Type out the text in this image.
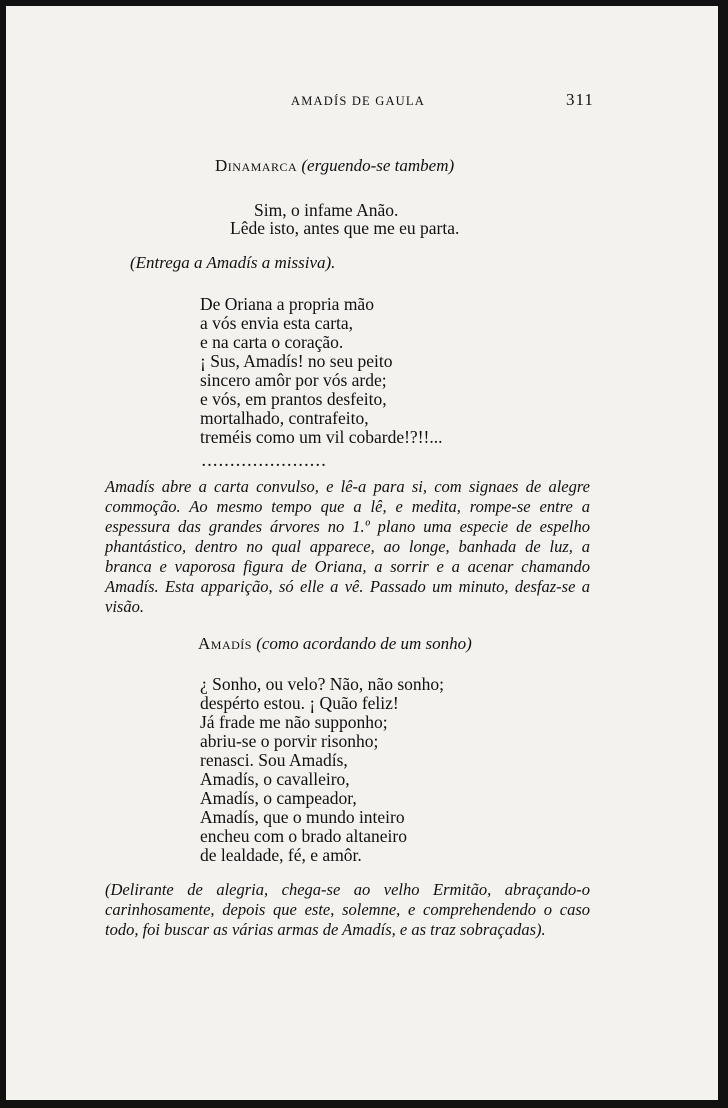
AMADÍS DE GAULA	311
Dinamarca (erguendo-se tambem)
Sim, o infame Anão.
Lêde isto, antes que me eu parta.
(Entrega a Amadís a missiva).
De Oriana a propria mão
a vós envia esta carta,
e na carta o coração.
¡ Sus, Amadís! no seu peito
sincero amôr por vós arde;
e vós, em prantos desfeito,
mortalhado, contrafeito,
treméis como um vil cobarde!?!!...
......................

Amadís abre a carta convulso, e lê-a para si, com signaes de alegre commoção. Ao mesmo tempo que a lê, e medita, rompe-se entre a espessura das grandes árvores no 1.º plano uma especie de espelho phantástico, dentro no qual apparece, ao longe, banhada de luz, a branca e vaporosa figura de Oriana, a sorrir e a acenar chamando Amadís. Esta apparição, só elle a vê. Passado um minuto, desfaz-se a visão.

Amadís (como acordando de um sonho)
¿ Sonho, ou velo? Não, não sonho;
despérto estou. ¡ Quão feliz!
Já frade me não supponho;
abriu-se o porvir risonho;
renasci. Sou Amadís,
Amadís, o cavalleiro,
Amadís, o campeador,
Amadís, que o mundo inteiro
encheu com o brado altaneiro
de lealdade, fé, e amôr.

(Delirante de alegria, chega-se ao velho Ermitão, abraçando-o carinhosamente, depois que este, solemne, e comprehendendo o caso todo, foi buscar as várias armas de Amadís, e as traz sobraçadas).
